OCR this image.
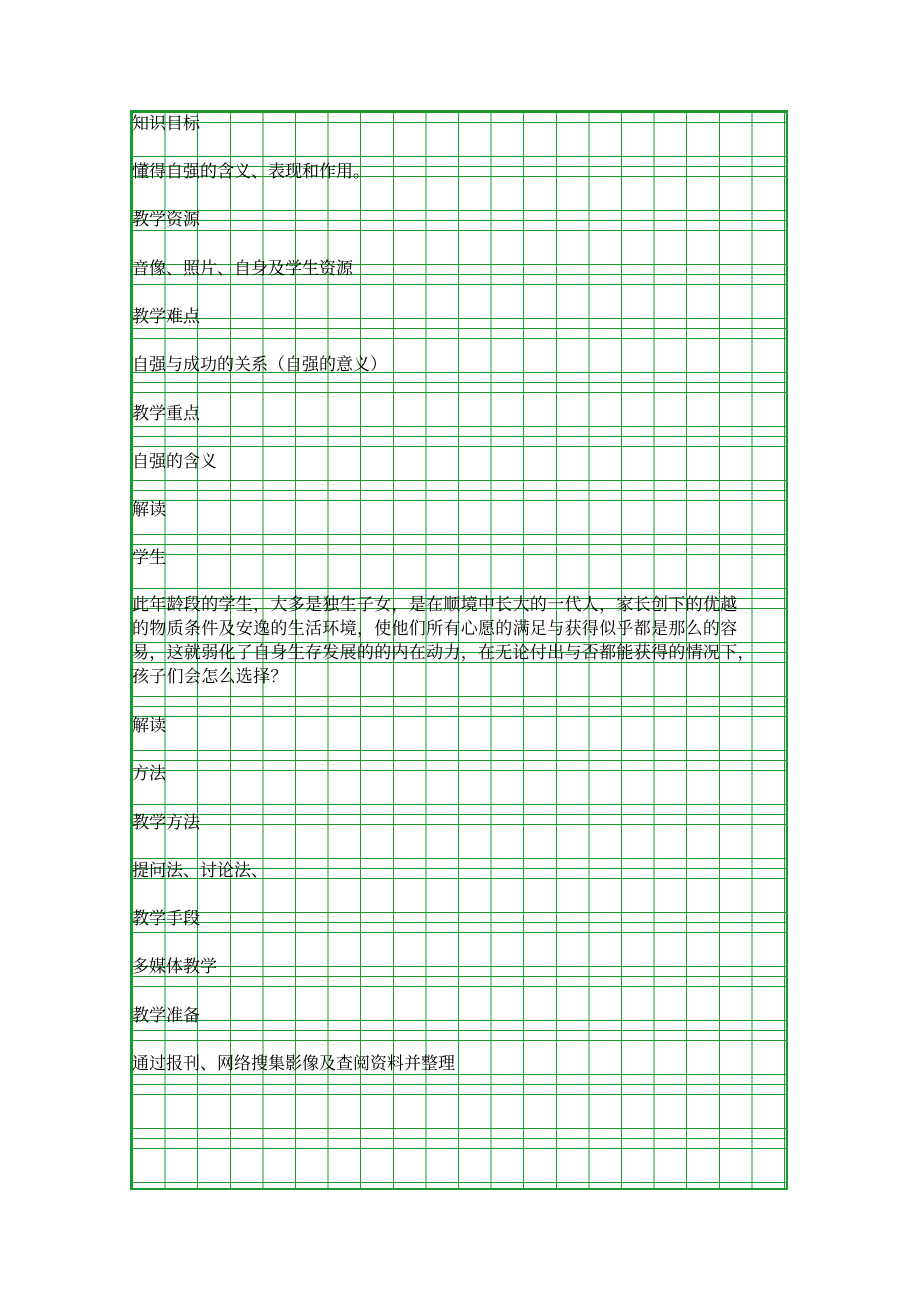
知识目标
懂得自强的含义、表现和作用。
教学资源
音像、照片、自身及学生资源
教学难点
自强与成功的关系（自强的意义）
教学重点
自强的含义
解读
学生
此年龄段的学生，大多是独生子女，是在顺境中长大的一代人，家长创下的优越
的物质条件及安逸的生活环境，使他们所有心愿的满足与获得似乎都是那么的容
易，这就弱化了自身生存发展的的内在动力，在无论付出与否都能获得的情况下，
孩子们会怎么选择？
解读
方法
教学方法
提问法、讨论法、
教学手段
多媒体教学
教学准备
通过报刊、网络搜集影像及查阅资料并整理
